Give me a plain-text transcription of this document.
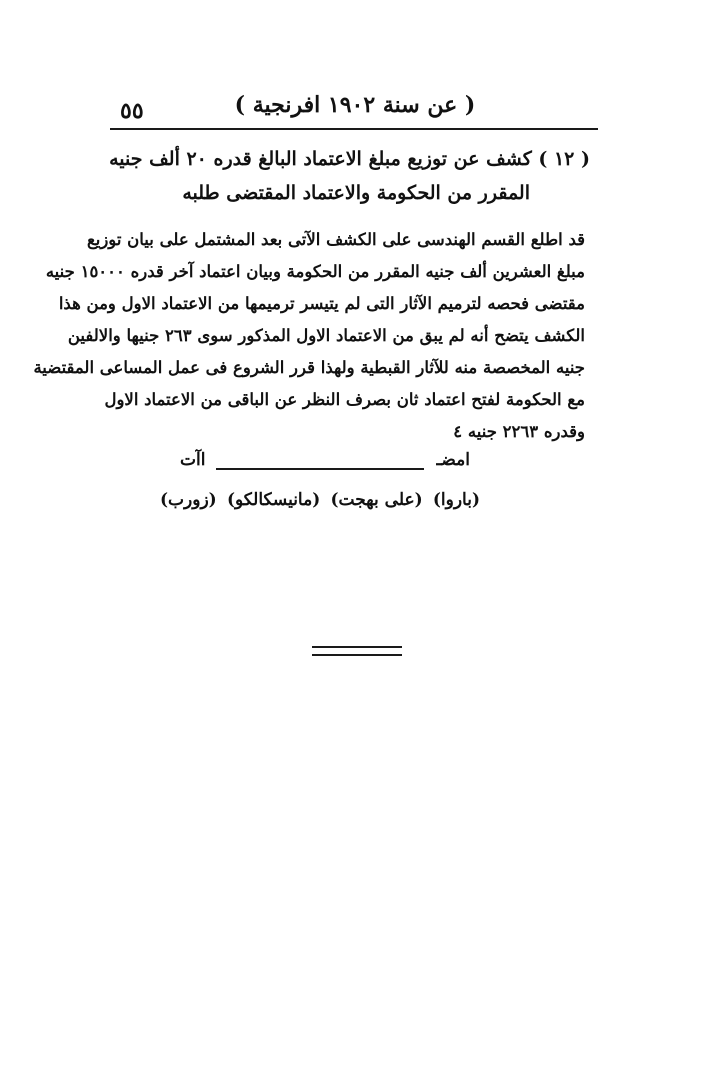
٥٥	( عن سنة ١٩٠٢ افرنجية )
( ١٢ ) كشف عن توزيع مبلغ الاعتماد البالغ قدره ٢٠ ألف جنيه
المقرر من الحكومة والاعتماد المقتضى طلبه
قد اطلع القسم الهندسى على الكشف الآتى بعد المشتمل على بيان توزيع
مبلغ العشرين ألف جنيه المقرر من الحكومة وبيان اعتماد آخر قدره ١٥٠٠٠ جنيه
مقتضى فحصه لترميم الآثار التى لم يتيسر ترميمها من الاعتماد الاول ومن هذا
الكشف يتضح أنه لم يبق من الاعتماد الاول المذكور سوى ٢٦٣ جنيها والالفين
جنيه المخصصة منه للآثار القبطية ولهذا قرر الشروع فى عمل المساعى المقتضية
مع الحكومة لفتح اعتماد ثان بصرف النظر عن الباقى من الاعتماد الاول
وقدره ٢٢٦٣ جنيه ٤
امضـ
اآت
(باروا)
(على بهجت)
(مانيسكالكو)
(زورب)
